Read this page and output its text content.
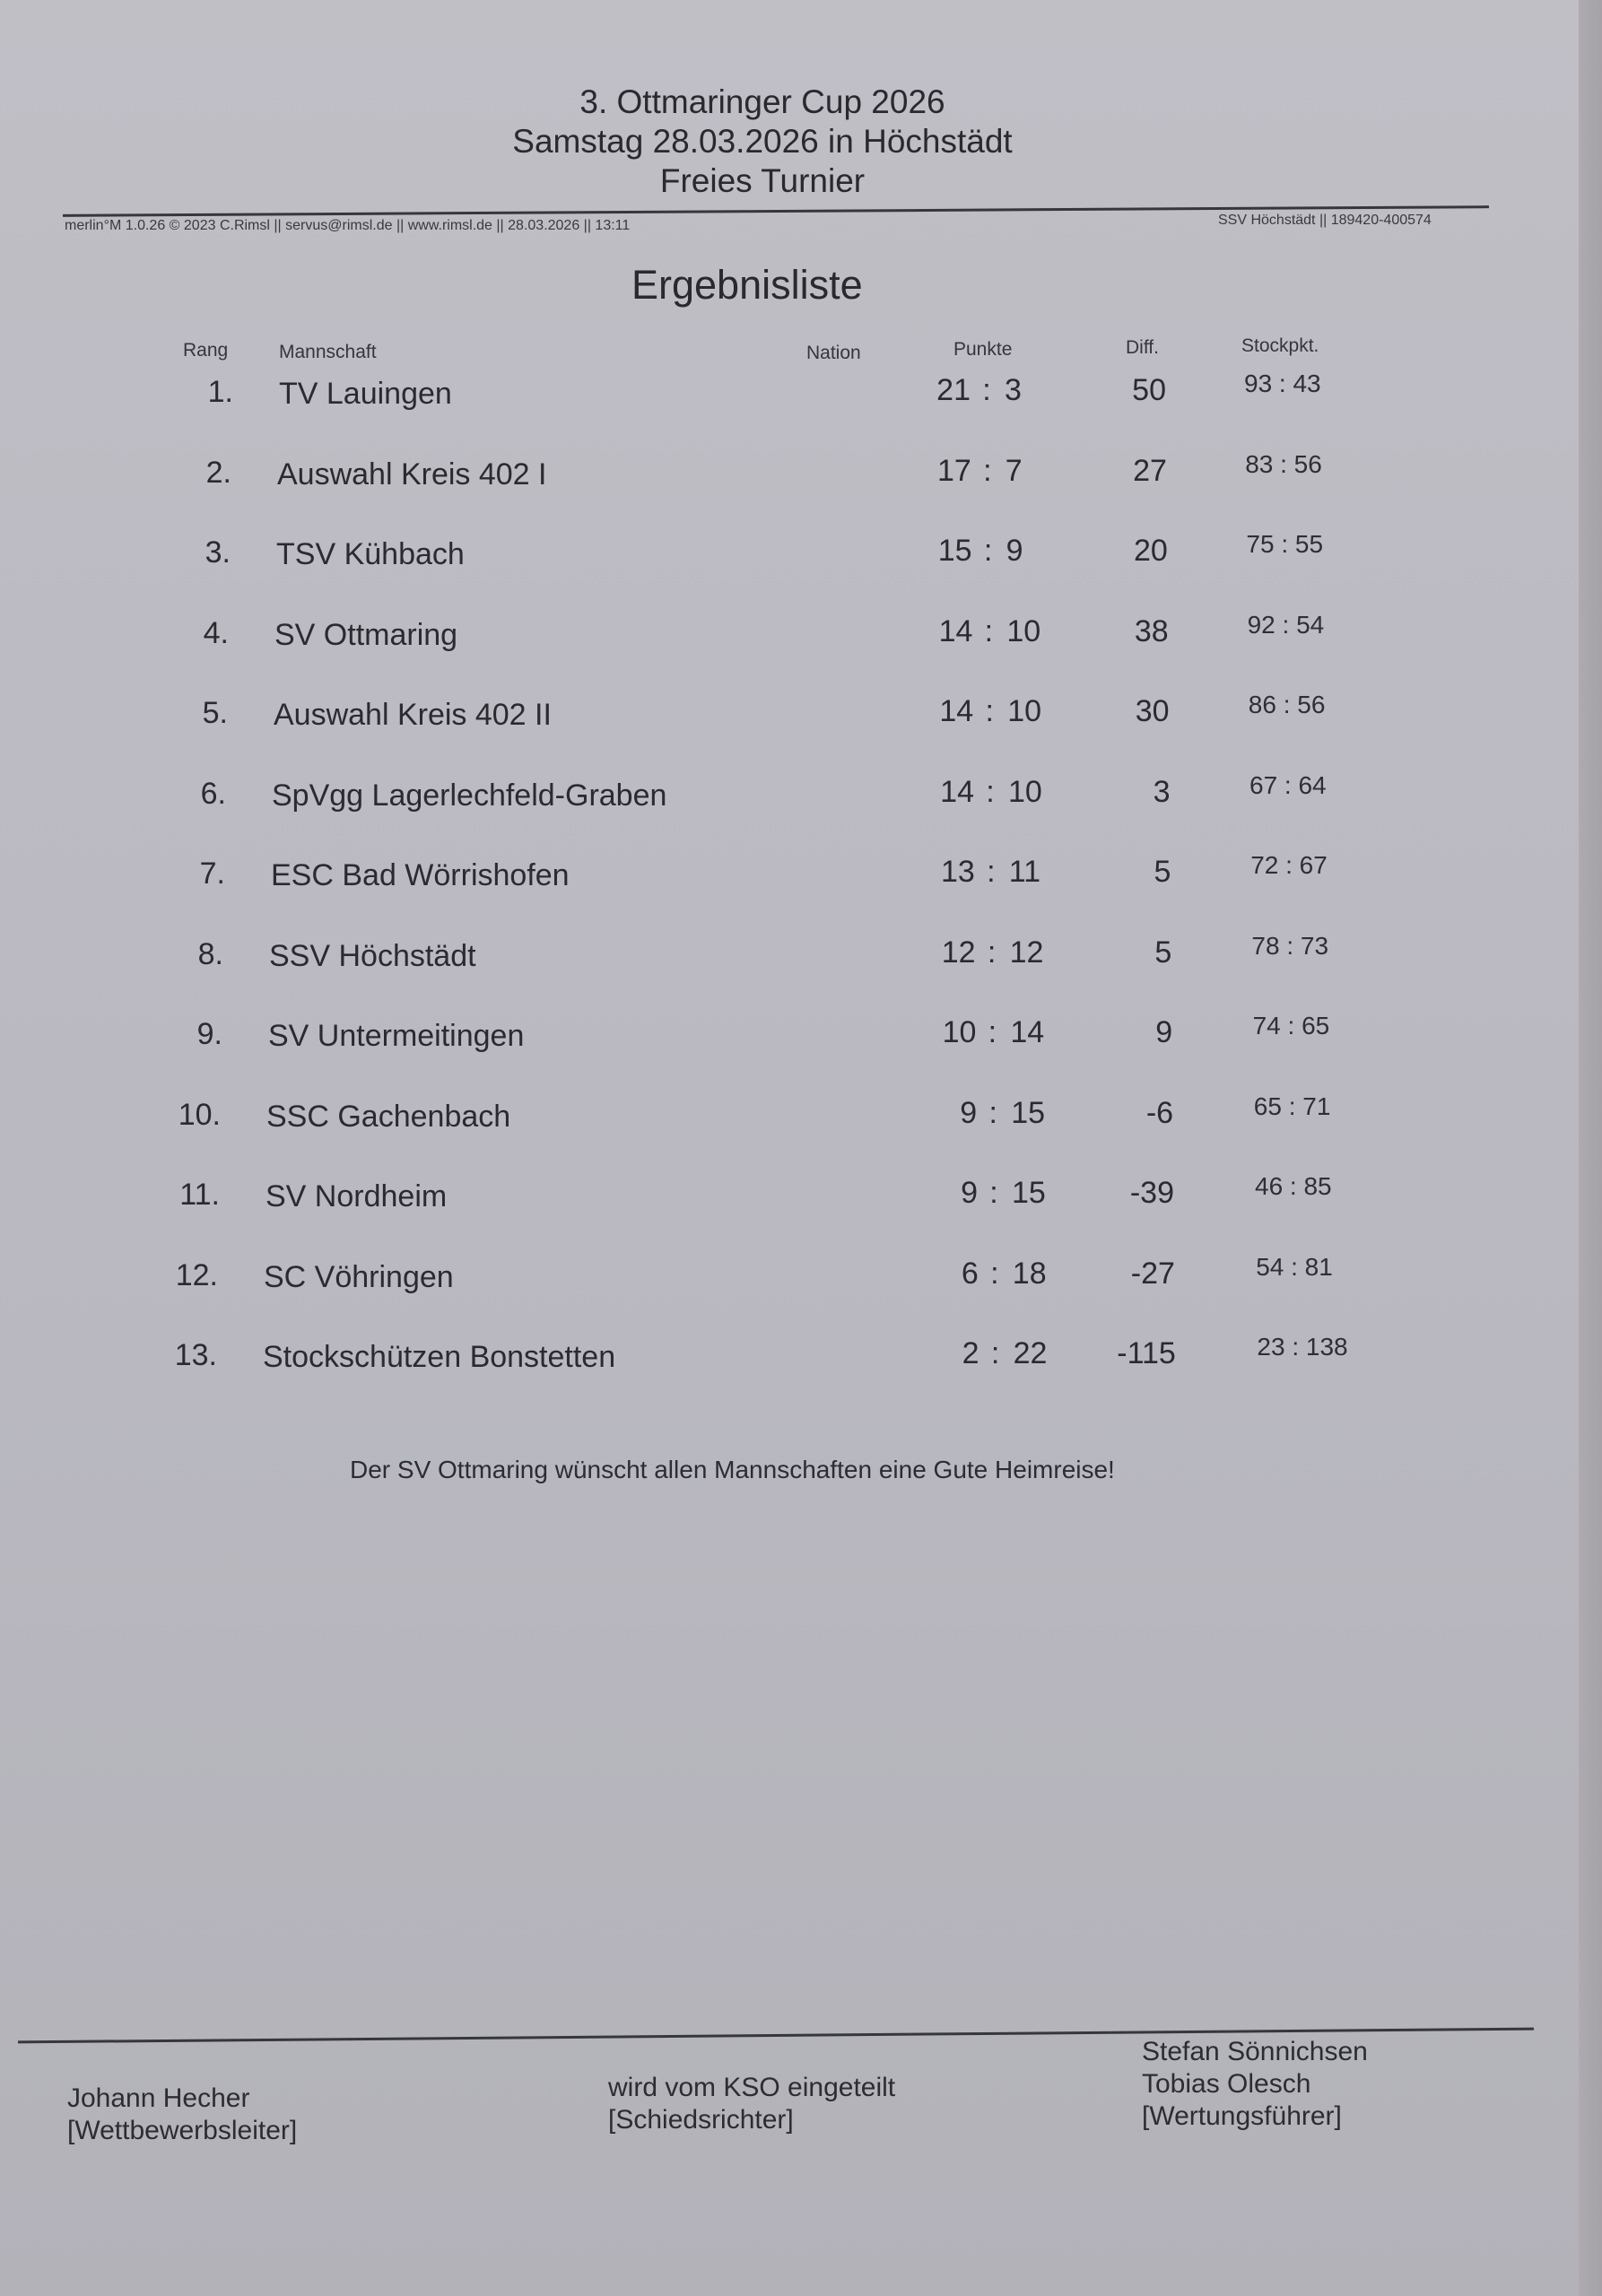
3. Ottmaringer Cup 2026
Samstag 28.03.2026 in Höchstädt
Freies Turnier
merlin°M 1.0.26 © 2023 C.Rimsl || servus@rimsl.de || www.rimsl.de || 28.03.2026 || 13:11	SSV Höchstädt || 189420-400574
Ergebnisliste
Rang	Mannschaft	Nation	Punkte	Diff.	Stockpkt.
1. TV Lauingen	21 : 3	50	93 : 43
2. Auswahl Kreis 402 I	17 : 7	27	83 : 56
3. TSV Kühbach	15 : 9	20	75 : 55
4. SV Ottmaring	14 : 10	38	92 : 54
5. Auswahl Kreis 402 II	14 : 10	30	86 : 56
6. SpVgg Lagerlechfeld-Graben	14 : 10	3	67 : 64
7. ESC Bad Wörrishofen	13 : 11	5	72 : 67
8. SSV Höchstädt	12 : 12	5	78 : 73
9. SV Untermeitingen	10 : 14	9	74 : 65
10. SSC Gachenbach	9 : 15	-6	65 : 71
11. SV Nordheim	9 : 15	-39	46 : 85
12. SC Vöhringen	6 : 18	-27	54 : 81
13. Stockschützen Bonstetten	2 : 22	-115	23 : 138
Der SV Ottmaring wünscht allen Mannschaften eine Gute Heimreise!
Johann Hecher
[Wettbewerbsleiter]
wird vom KSO eingeteilt
[Schiedsrichter]
Stefan Sönnichsen
Tobias Olesch
[Wertungsführer]
